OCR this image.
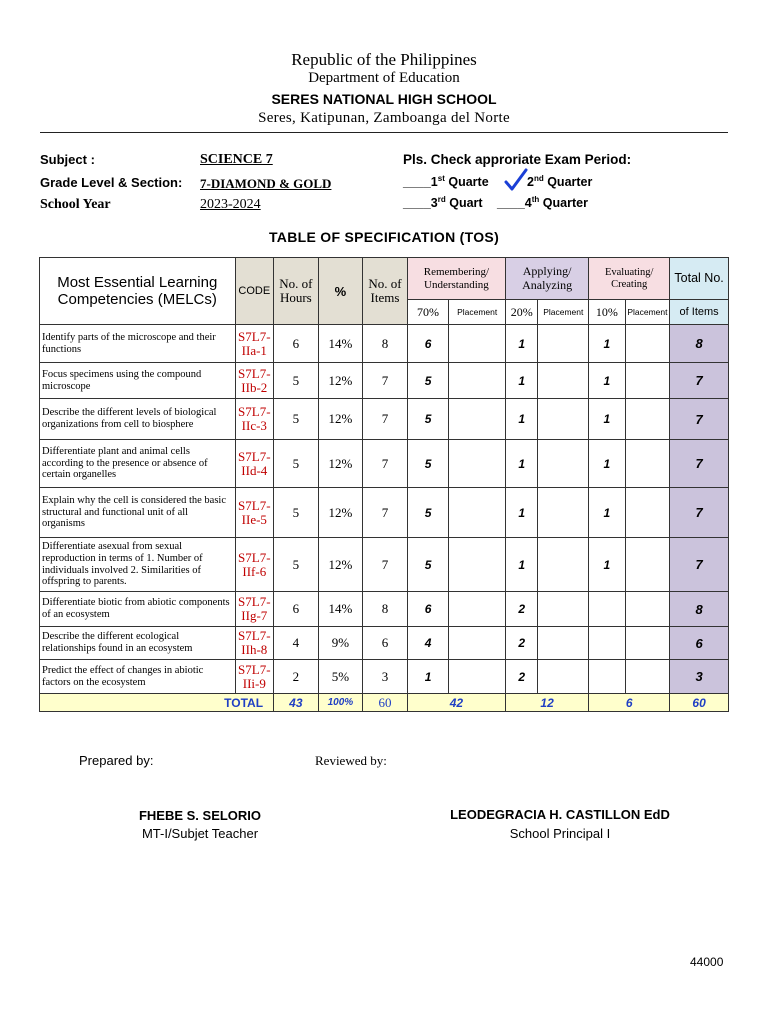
Republic of the Philippines
Department of Education
SERES NATIONAL HIGH SCHOOL
Seres, Katipunan, Zamboanga del Norte
Subject :	SCIENCE 7
Grade Level & Section: 7-DIAMOND & GOLD
School Year	2023-2024
Pls. Check approriate Exam Period:
____1st Quarte	2nd Quarter
____3rd Quart ____4th Quarter
TABLE OF SPECIFICATION (TOS)
Most Essential Learning Competencies (MELCs)	CODE	No. of Hours	%	No. of Items	Remembering/ Understanding		Applying/ Analyzing		Evaluating/ Creating		Total No.
					70%	Placement	20%	Placement	10%	Placement	of Items
Identify parts of the microscope and their functions	S7L7-IIa-1	6	14%	8	6		1		1		8
Focus specimens using the compound microscope	S7L7-IIb-2	5	12%	7	5		1		1		7
Describe the different levels of biological organizations from cell to biosphere	S7L7-IIc-3	5	12%	7	5		1		1		7
Differentiate plant and animal cells according to the presence or absence of certain organelles	S7L7-IId-4	5	12%	7	5		1		1		7
Explain why the cell is considered the basic structural and functional unit of all organisms	S7L7-IIe-5	5	12%	7	5		1		1		7
Differentiate asexual from sexual reproduction in terms of 1. Number of individuals involved 2. Similarities of offspring to parents.	S7L7-IIf-6	5	12%	7	5		1		1		7
Differentiate biotic from abiotic components of an ecosystem	S7L7-IIg-7	6	14%	8	6		2				8
Describe the different ecological relationships found in an ecosystem	S7L7-IIh-8	4	9%	6	4		2				6
Predict the effect of changes in abiotic factors on the ecosystem	S7L7-IIi-9	2	5%	3	1		2				3
TOTAL		43	100%	60	42		12		6		60
Prepared by:	Reviewed by:
FHEBE S. SELORIO
MT-I/Subjet Teacher
LEODEGRACIA H. CASTILLON EdD
School Principal I
44000
